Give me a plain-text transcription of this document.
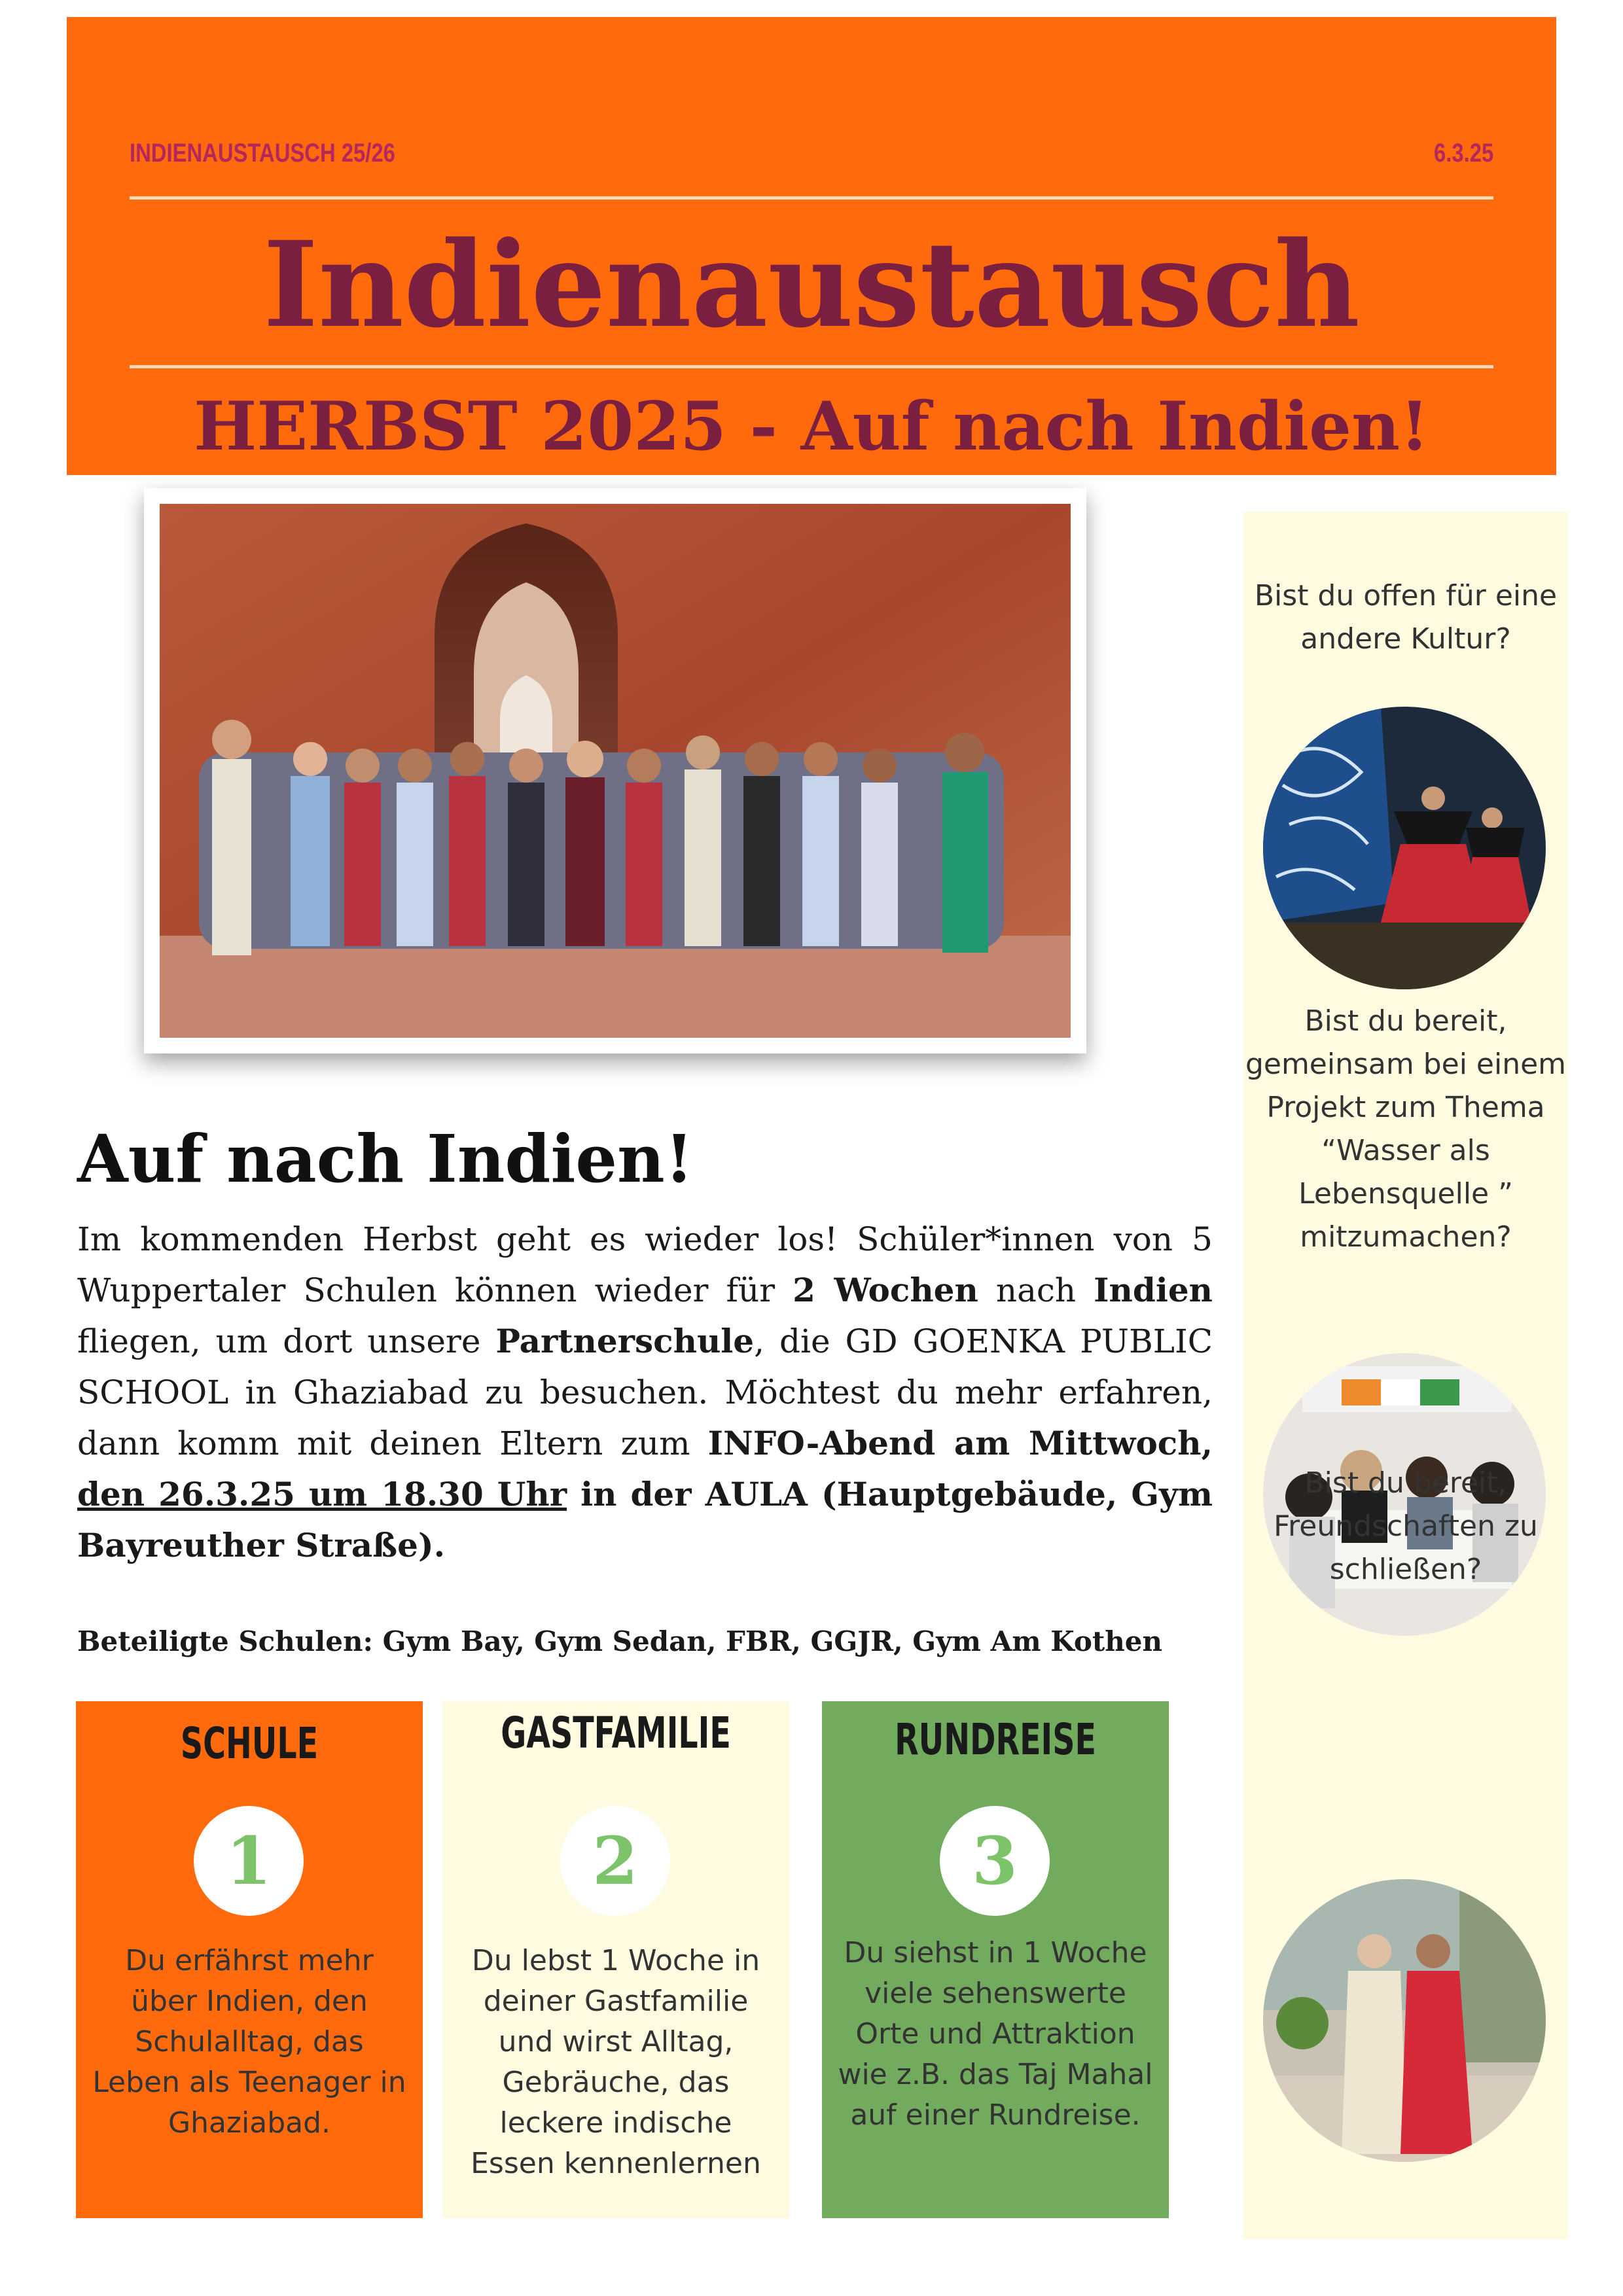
INDIENAUSTAUSCH 25/26	6.3.25
Indienaustausch
HERBST 2025 - Auf nach Indien!
Bist du offen für eine andere Kultur?
Bist du bereit, gemeinsam bei einem Projekt zum Thema “Wasser als Lebensquelle ” mitzumachen?
Bist du bereit, Freundschaften zu schließen?
Auf nach Indien!
Im kommenden Herbst geht es wieder los! Schüler*innen von 5 Wuppertaler Schulen können wieder für 2 Wochen nach Indien fliegen, um dort unsere Partnerschule, die GD GOENKA PUBLIC SCHOOL in Ghaziabad zu besuchen. Möchtest du mehr erfahren, dann komm mit deinen Eltern zum INFO-Abend am Mittwoch, den 26.3.25 um 18.30 Uhr in der AULA (Hauptgebäude, Gym Bayreuther Straße).
Beteiligte Schulen: Gym Bay, Gym Sedan, FBR, GGJR, Gym Am Kothen
SCHULE
1
Du erfährst mehr über Indien, den Schulalltag, das Leben als Teenager in Ghaziabad.
GASTFAMILIE
2
Du lebst 1 Woche in deiner Gastfamilie und wirst Alltag, Gebräuche, das leckere indische Essen kennenlernen
RUNDREISE
3
Du siehst in 1 Woche viele sehenswerte Orte und Attraktion wie z.B. das Taj Mahal auf einer Rundreise.
